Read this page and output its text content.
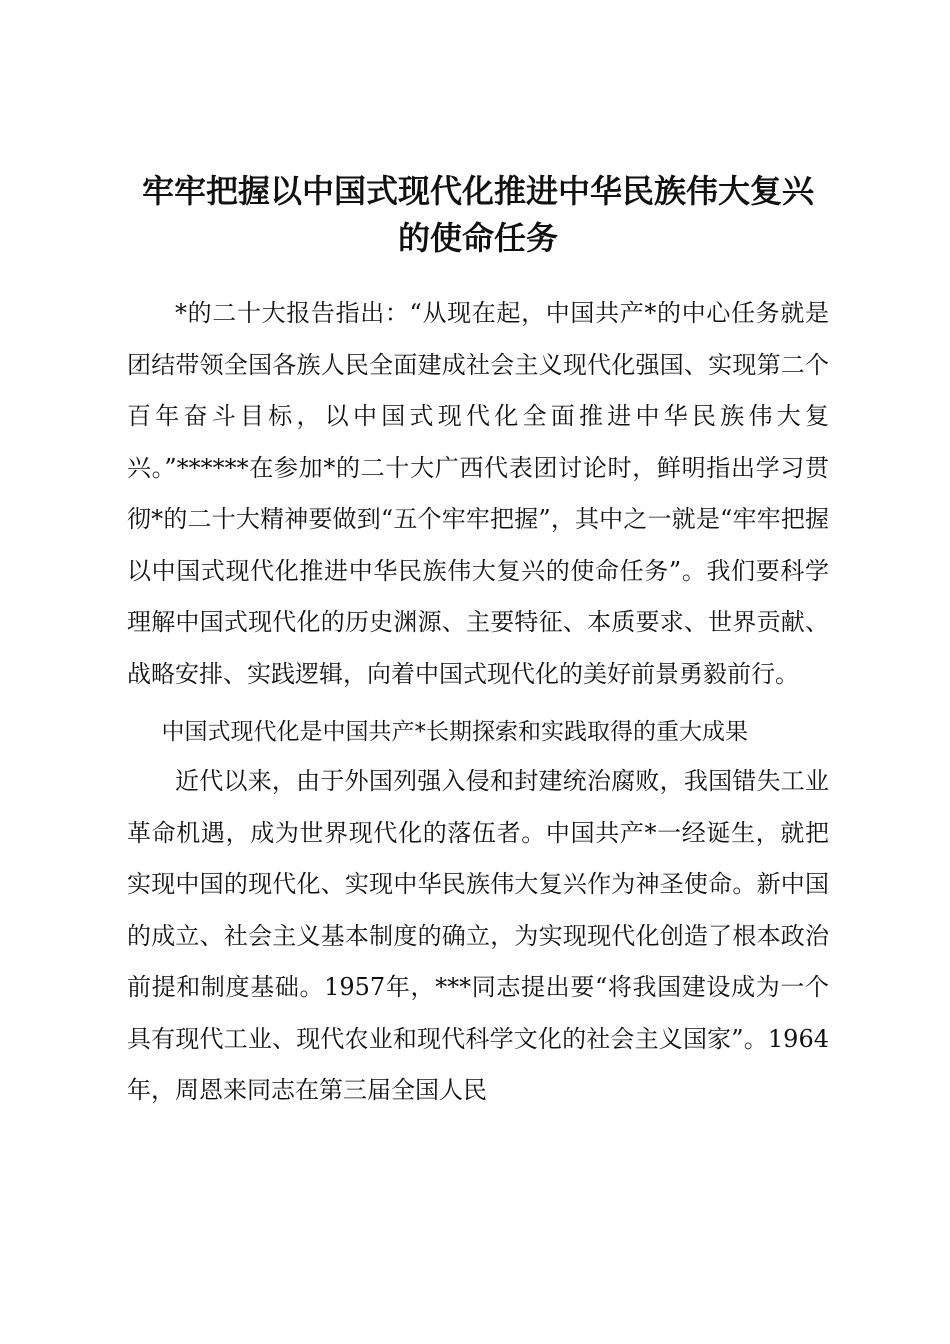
牢牢把握以中国式现代化推进中华民族伟大复兴的使命任务

*的二十大报告指出：“从现在起，中国共产*的中心任务就是团结带领全国各族人民全面建成社会主义现代化强国、实现第二个百年奋斗目标，以中国式现代化全面推进中华民族伟大复兴。”******在参加*的二十大广西代表团讨论时，鲜明指出学习贯彻*的二十大精神要做到“五个牢牢把握”，其中之一就是“牢牢把握以中国式现代化推进中华民族伟大复兴的使命任务”。我们要科学理解中国式现代化的历史渊源、主要特征、本质要求、世界贡献、战略安排、实践逻辑，向着中国式现代化的美好前景勇毅前行。

中国式现代化是中国共产*长期探索和实践取得的重大成果

近代以来，由于外国列强入侵和封建统治腐败，我国错失工业革命机遇，成为世界现代化的落伍者。中国共产*一经诞生，就把实现中国的现代化、实现中华民族伟大复兴作为神圣使命。新中国的成立、社会主义基本制度的确立，为实现现代化创造了根本政治前提和制度基础。1957年，***同志提出要“将我国建设成为一个具有现代工业、现代农业和现代科学文化的社会主义国家”。1964年，周恩来同志在第三届全国人民
